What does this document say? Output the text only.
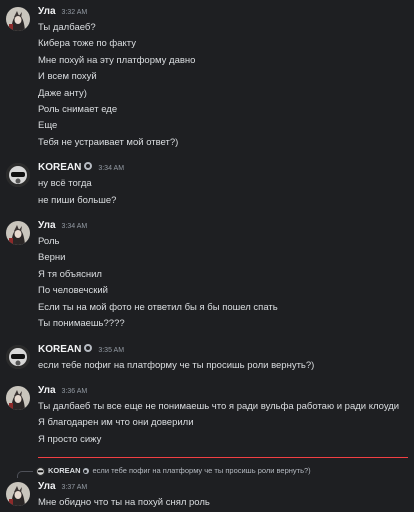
Ула 3:32 AM
Ты далбаеб?
Кибера тоже по факту
Мне похуй на эту платформу давно
И всем похуй
Даже анту)
Роль снимает еде
Еще
Тебя не устраивает мой ответ?)
KOREAN 3:34 AM
ну всё тогда
не пиши больше?
Ула 3:34 AM
Роль
Верни
Я тя объяснил
По человечский
Если ты на мой фото не ответил бы я бы пошел спать
Ты понимаешь????
KOREAN 3:35 AM
если тебе пофиг на платформу че ты просишь роли вернуть?)
Ула 3:36 AM
Ты далбаеб ты все еще не понимаешь что я ради вульфа работаю и ради клоуди
Я благодарен им что они доверили
Я просто сижу
KOREAN если тебе пофиг на платформу че ты просишь роли вернуть?)
Ула 3:37 AM
Мне обидно что ты на похуй снял роль
